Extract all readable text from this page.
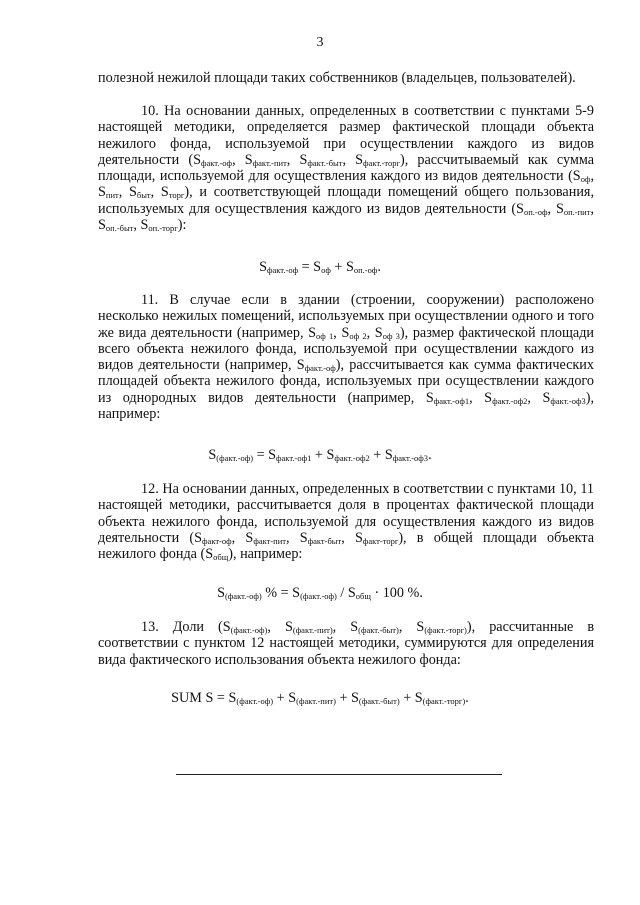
3

полезной нежилой площади таких собственников (владельцев, пользователей).

10. На основании данных, определенных в соответствии с пунктами 5-9 настоящей методики, определяется размер фактической площади объекта нежилого фонда, используемой при осуществлении каждого из видов деятельности ($S_{факт.-оф}$, $S_{факт.-пит}$, $S_{факт.-быт}$, $S_{факт.-торг}$), рассчитываемый как сумма площади, используемой для осуществления каждого из видов деятельности ($S_{оф}$, $S_{пит}$, $S_{быт}$, $S_{торг}$), и соответствующей площади помещений общего пользования, используемых для осуществления каждого из видов деятельности ($S_{оп.-оф}$, $S_{оп.-пит}$, $S_{оп.-быт}$, $S_{оп.-торг}$):

$S_{факт.-оф} = S_{оф} + S_{оп.-оф}$.

11. В случае если в здании (строении, сооружении) расположено несколько нежилых помещений, используемых при осуществлении одного и того же вида деятельности (например, $S_{оф 1}$, $S_{оф 2}$, $S_{оф 3}$), размер фактической площади всего объекта нежилого фонда, используемой при осуществлении каждого из видов деятельности (например, $S_{факт.-оф}$), рассчитывается как сумма фактических площадей объекта нежилого фонда, используемых при осуществлении каждого из однородных видов деятельности (например, $S_{факт.-оф1}$, $S_{факт.-оф2}$, $S_{факт.-оф3}$), например:

$S_{(факт.-оф)} = S_{факт.-оф1} + S_{факт.-оф2} + S_{факт.-оф3}$.

12. На основании данных, определенных в соответствии с пунктами 10, 11 настоящей методики, рассчитывается доля в процентах фактической площади объекта нежилого фонда, используемой для осуществления каждого из видов деятельности ($S_{факт-оф}$, $S_{факт-пит}$, $S_{факт-быт}$, $S_{факт-торг}$), в общей площади объекта нежилого фонда $(S_{общ})$, например:

$S_{(факт.-оф)}$ % = $S_{(факт.-оф)} / S_{общ} \cdot 100$ %.

13. Доли ($S_{(факт.-оф)}$, $S_{(факт.-пит)}$, $S_{(факт.-быт)}$, $S_{(факт.-торг)}$), рассчитанные в соответствии с пунктом 12 настоящей методики, суммируются для определения вида фактического использования объекта нежилого фонда:

SUM $S = S_{(факт.-оф)} + S_{(факт.-пит)} + S_{(факт.-быт)} + S_{(факт.-торг)}$.
